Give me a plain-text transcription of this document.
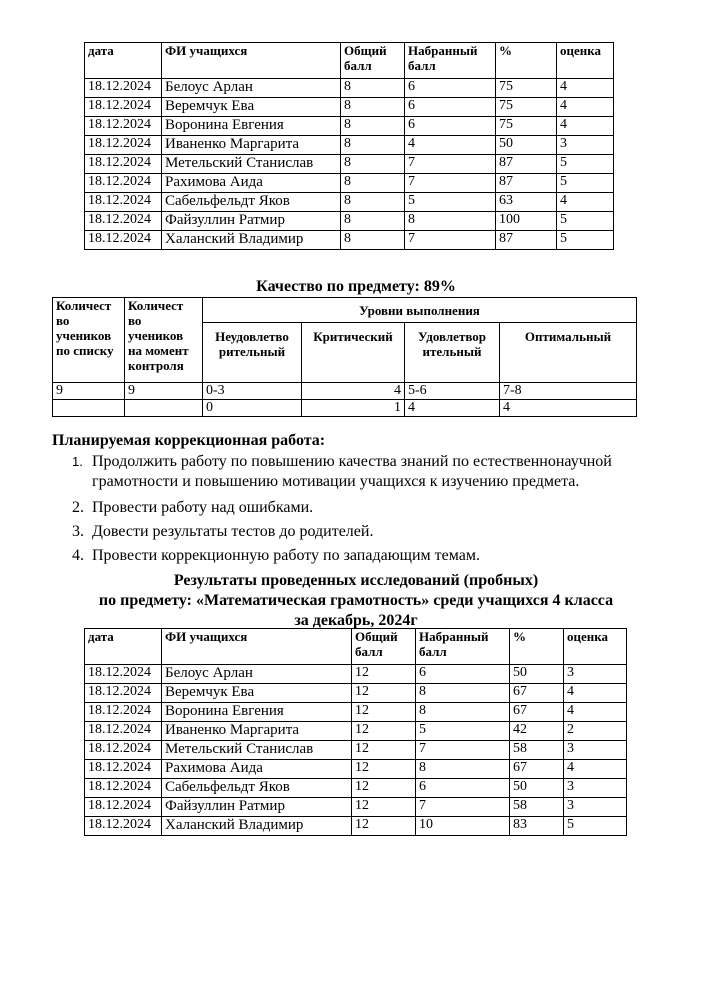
дата	ФИ учащихся	Общий балл	Набранный балл	%	оценка
18.12.2024	Белоус Арлан	8	6	75	4
18.12.2024	Веремчук Ева	8	6	75	4
18.12.2024	Воронина Евгения	8	6	75	4
18.12.2024	Иваненко Маргарита	8	4	50	3
18.12.2024	Метельский Станислав	8	7	87	5
18.12.2024	Рахимова Аида	8	7	87	5
18.12.2024	Сабельфельдт Яков	8	5	63	4
18.12.2024	Файзуллин Ратмир	8	8	100	5
18.12.2024	Халанский Владимир	8	7	87	5
Качество по предмету: 89%
Количест во учеников по списку	Количест во учеников на момент контроля	Уровни выполнения			
		Неудовлетво рительный	Критический	Удовлетвор ительный	Оптимальный
9	9	0-3	4	5-6	7-8
		0	1	4	4
Планируемая коррекционная работа:
1. Продолжить работу по повышению качества знаний по естественнонаучной грамотности и повышению мотивации учащихся к изучению предмета.
2. Провести работу над ошибками.
3. Довести результаты тестов до родителей.
4. Провести коррекционную работу по западающим темам.
Результаты проведенных исследований (пробных)
по предмету: «Математическая грамотность» среди учащихся 4 класса
за декабрь, 2024г
дата	ФИ учащихся	Общий балл	Набранный балл	%	оценка
18.12.2024	Белоус Арлан	12	6	50	3
18.12.2024	Веремчук Ева	12	8	67	4
18.12.2024	Воронина Евгения	12	8	67	4
18.12.2024	Иваненко Маргарита	12	5	42	2
18.12.2024	Метельский Станислав	12	7	58	3
18.12.2024	Рахимова Аида	12	8	67	4
18.12.2024	Сабельфельдт Яков	12	6	50	3
18.12.2024	Файзуллин Ратмир	12	7	58	3
18.12.2024	Халанский Владимир	12	10	83	5
